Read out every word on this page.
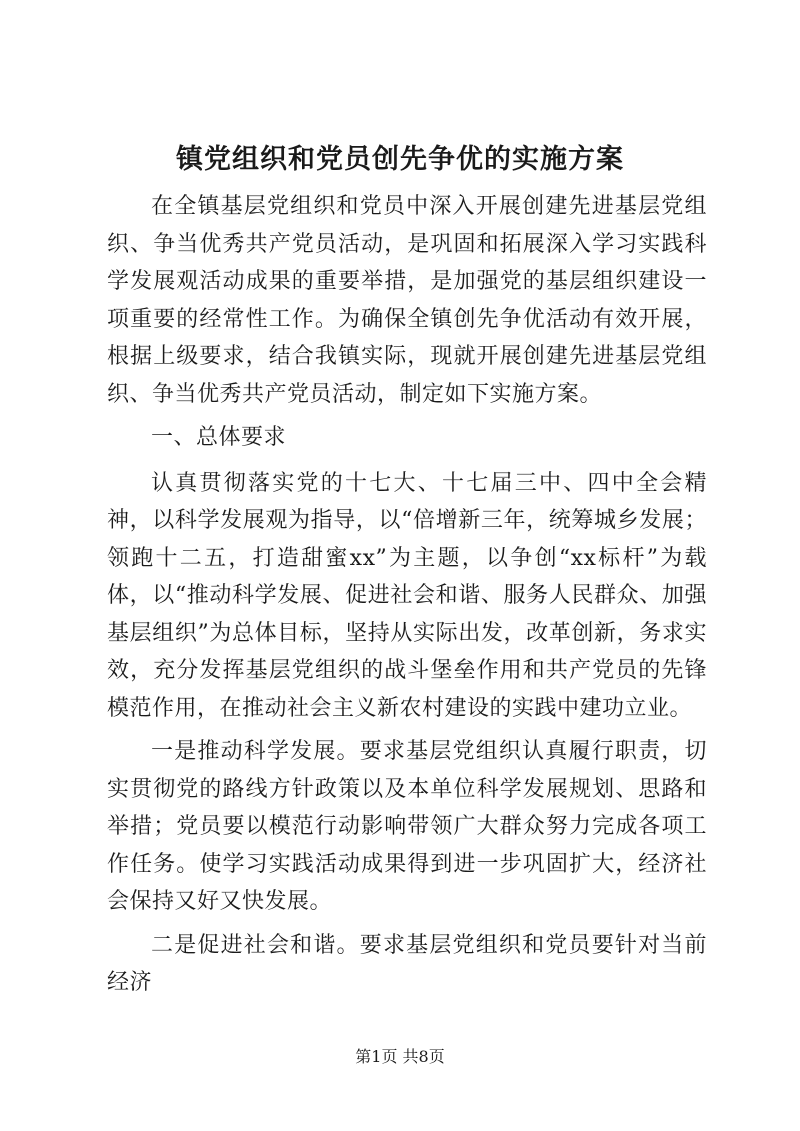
镇党组织和党员创先争优的实施方案

在全镇基层党组织和党员中深入开展创建先进基层党组织、争当优秀共产党员活动，是巩固和拓展深入学习实践科学发展观活动成果的重要举措，是加强党的基层组织建设一项重要的经常性工作。为确保全镇创先争优活动有效开展，根据上级要求，结合我镇实际，现就开展创建先进基层党组织、争当优秀共产党员活动，制定如下实施方案。

一、总体要求

认真贯彻落实党的十七大、十七届三中、四中全会精神，以科学发展观为指导，以“倍增新三年，统筹城乡发展；领跑十二五，打造甜蜜xx”为主题，以争创“xx标杆”为载体，以“推动科学发展、促进社会和谐、服务人民群众、加强基层组织”为总体目标，坚持从实际出发，改革创新，务求实效，充分发挥基层党组织的战斗堡垒作用和共产党员的先锋模范作用，在推动社会主义新农村建设的实践中建功立业。

一是推动科学发展。要求基层党组织认真履行职责，切实贯彻党的路线方针政策以及本单位科学发展规划、思路和举措；党员要以模范行动影响带领广大群众努力完成各项工作任务。使学习实践活动成果得到进一步巩固扩大，经济社会保持又好又快发展。

二是促进社会和谐。要求基层党组织和党员要针对当前经济

第1页 共8页
